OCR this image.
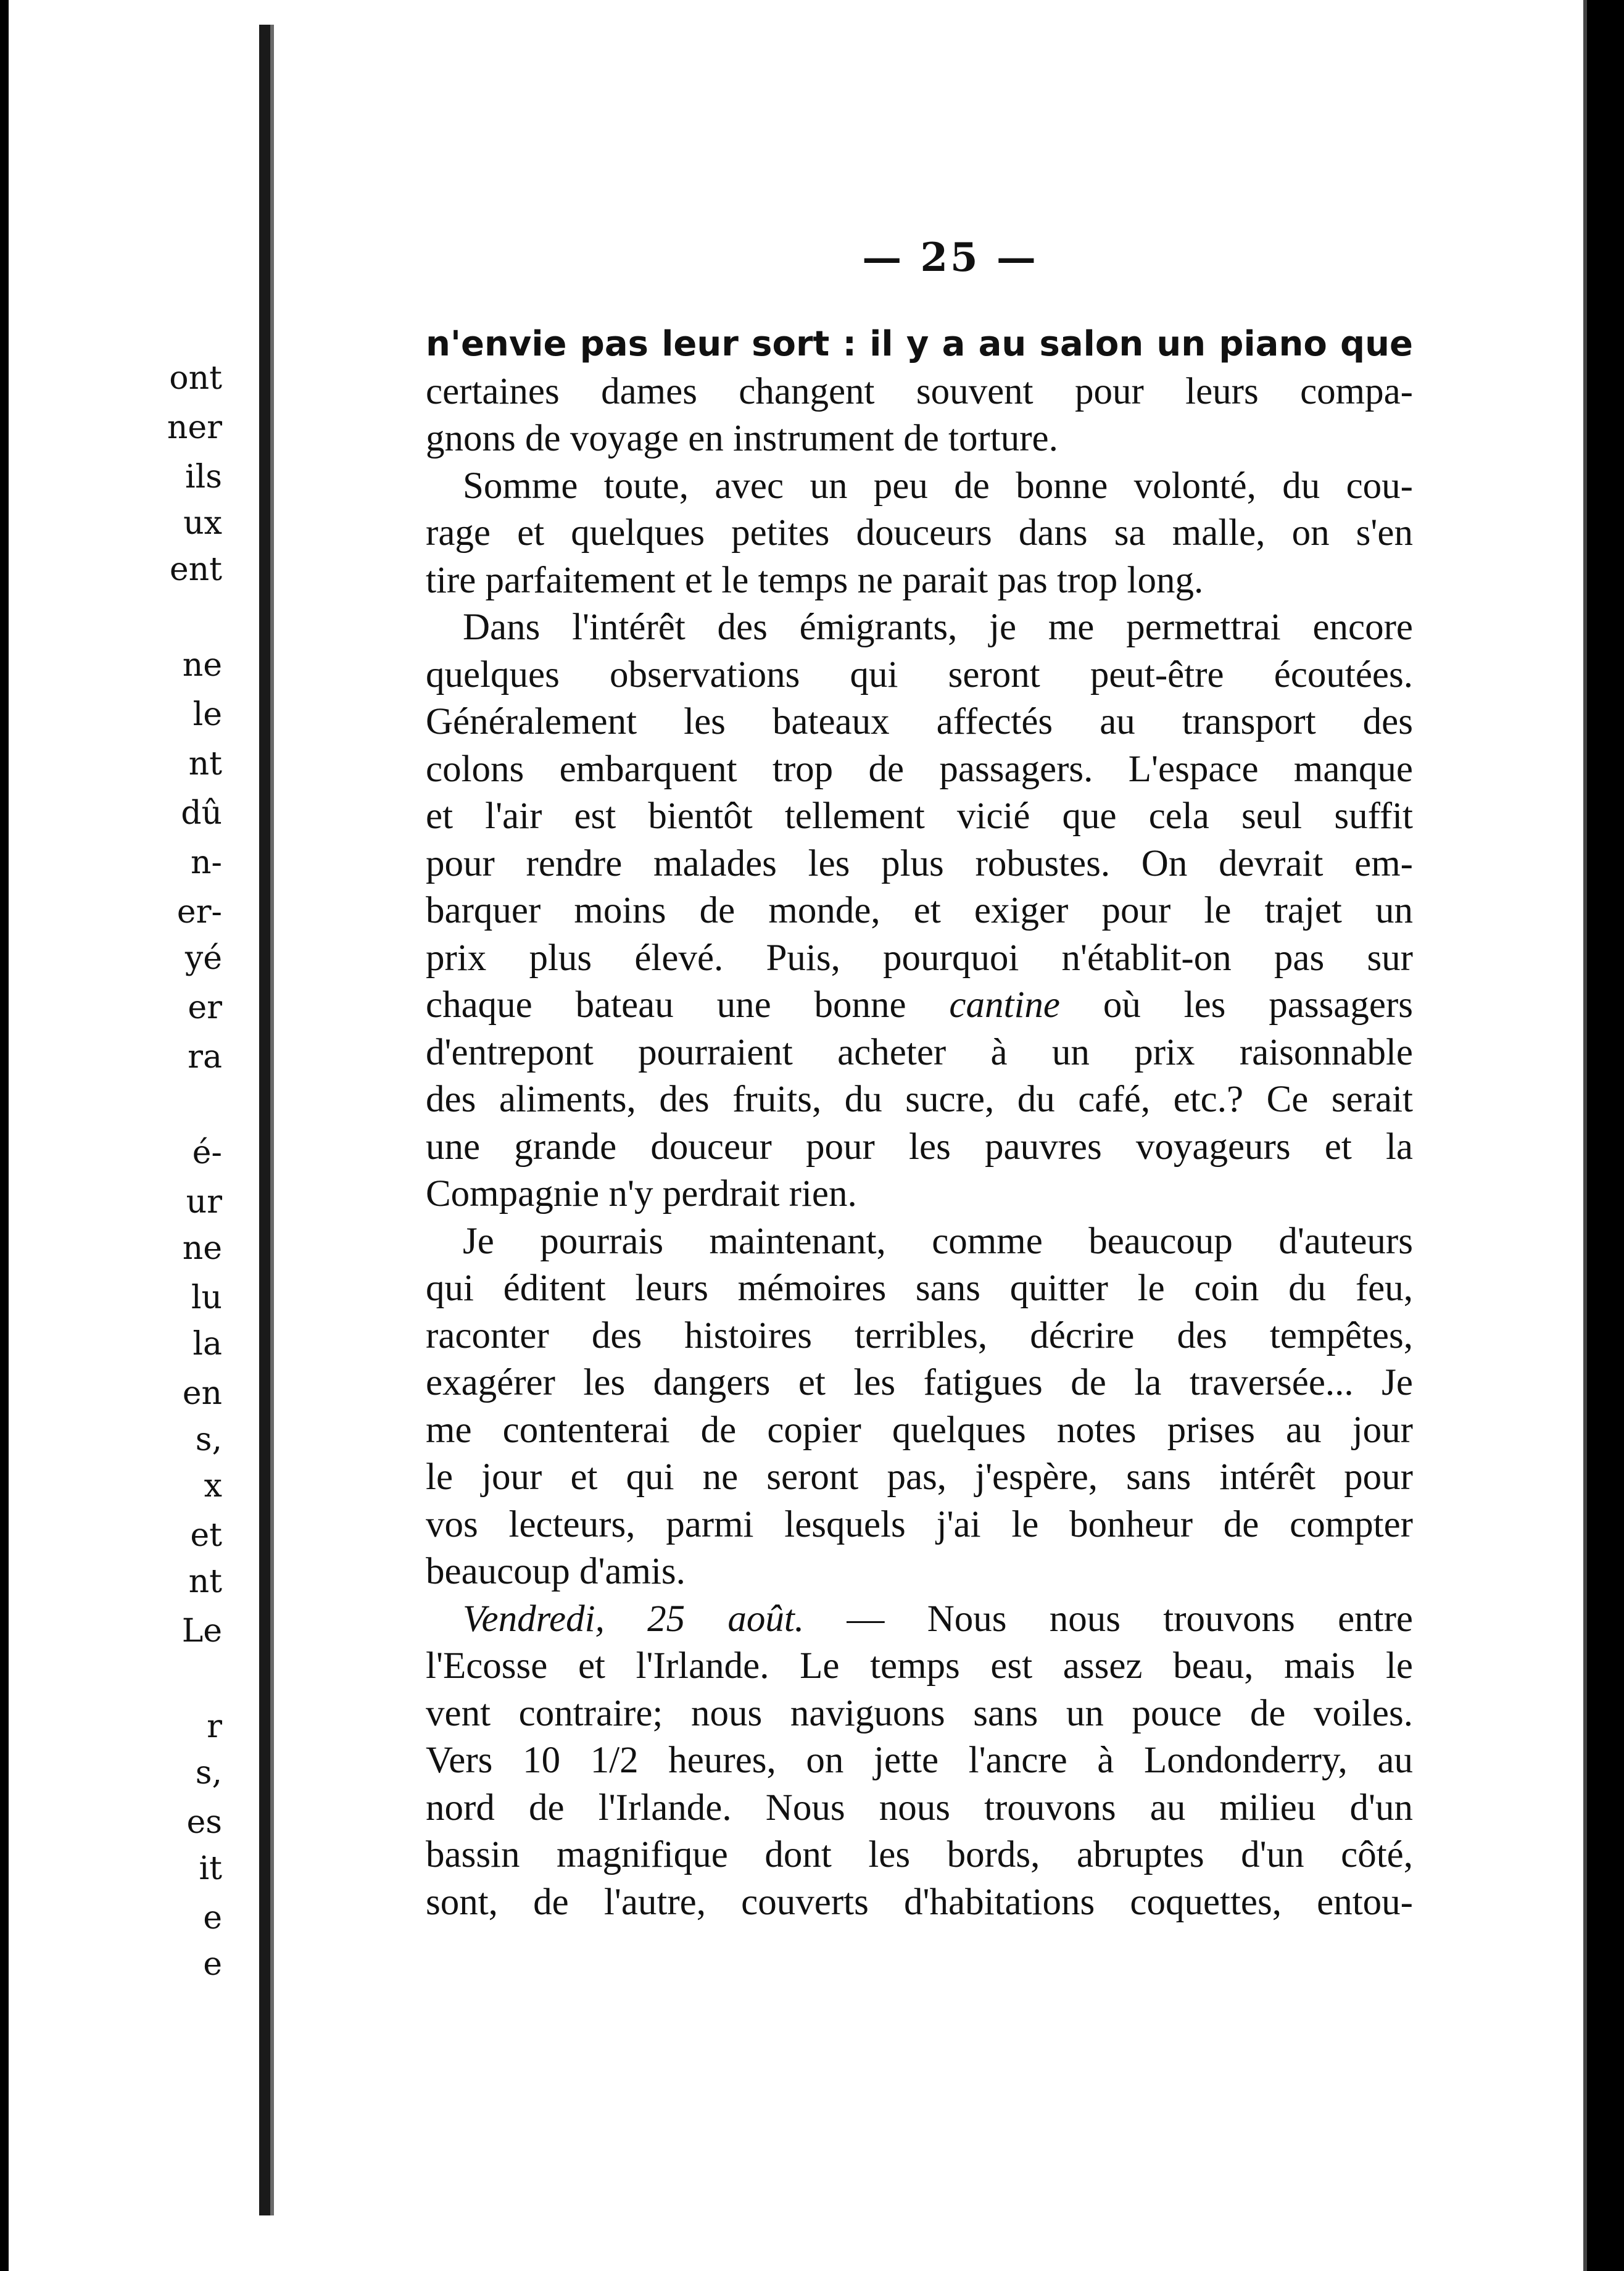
ont
ner
ils
ux
ent
ne
le
nt
dû
n-
er-
yé
er
ra
é-
ur
ne
lu
la
en
s,
x
et
nt
Le
r
s,
es
it
e
e
— 25 —
n'envie pas leur sort : il y a au salon un piano que
certaines dames changent souvent pour leurs compa-
gnons de voyage en instrument de torture.
Somme toute, avec un peu de bonne volonté, du cou-
rage et quelques petites douceurs dans sa malle, on s'en
tire parfaitement et le temps ne parait pas trop long.
Dans l'intérêt des émigrants, je me permettrai encore
quelques observations qui seront peut-être écoutées.
Généralement les bateaux affectés au transport des
colons embarquent trop de passagers. L'espace manque
et l'air est bientôt tellement vicié que cela seul suffit
pour rendre malades les plus robustes. On devrait em-
barquer moins de monde, et exiger pour le trajet un
prix plus élevé. Puis, pourquoi n'établit-on pas sur
chaque bateau une bonne cantine où les passagers
d'entrepont pourraient acheter à un prix raisonnable
des aliments, des fruits, du sucre, du café, etc.? Ce serait
une grande douceur pour les pauvres voyageurs et la
Compagnie n'y perdrait rien.
Je pourrais maintenant, comme beaucoup d'auteurs
qui éditent leurs mémoires sans quitter le coin du feu,
raconter des histoires terribles, décrire des tempêtes,
exagérer les dangers et les fatigues de la traversée... Je
me contenterai de copier quelques notes prises au jour
le jour et qui ne seront pas, j'espère, sans intérêt pour
vos lecteurs, parmi lesquels j'ai le bonheur de compter
beaucoup d'amis.
Vendredi, 25 août. — Nous nous trouvons entre
l'Ecosse et l'Irlande. Le temps est assez beau, mais le
vent contraire; nous naviguons sans un pouce de voiles.
Vers 10 1/2 heures, on jette l'ancre à Londonderry, au
nord de l'Irlande. Nous nous trouvons au milieu d'un
bassin magnifique dont les bords, abruptes d'un côté,
sont, de l'autre, couverts d'habitations coquettes, entou-
